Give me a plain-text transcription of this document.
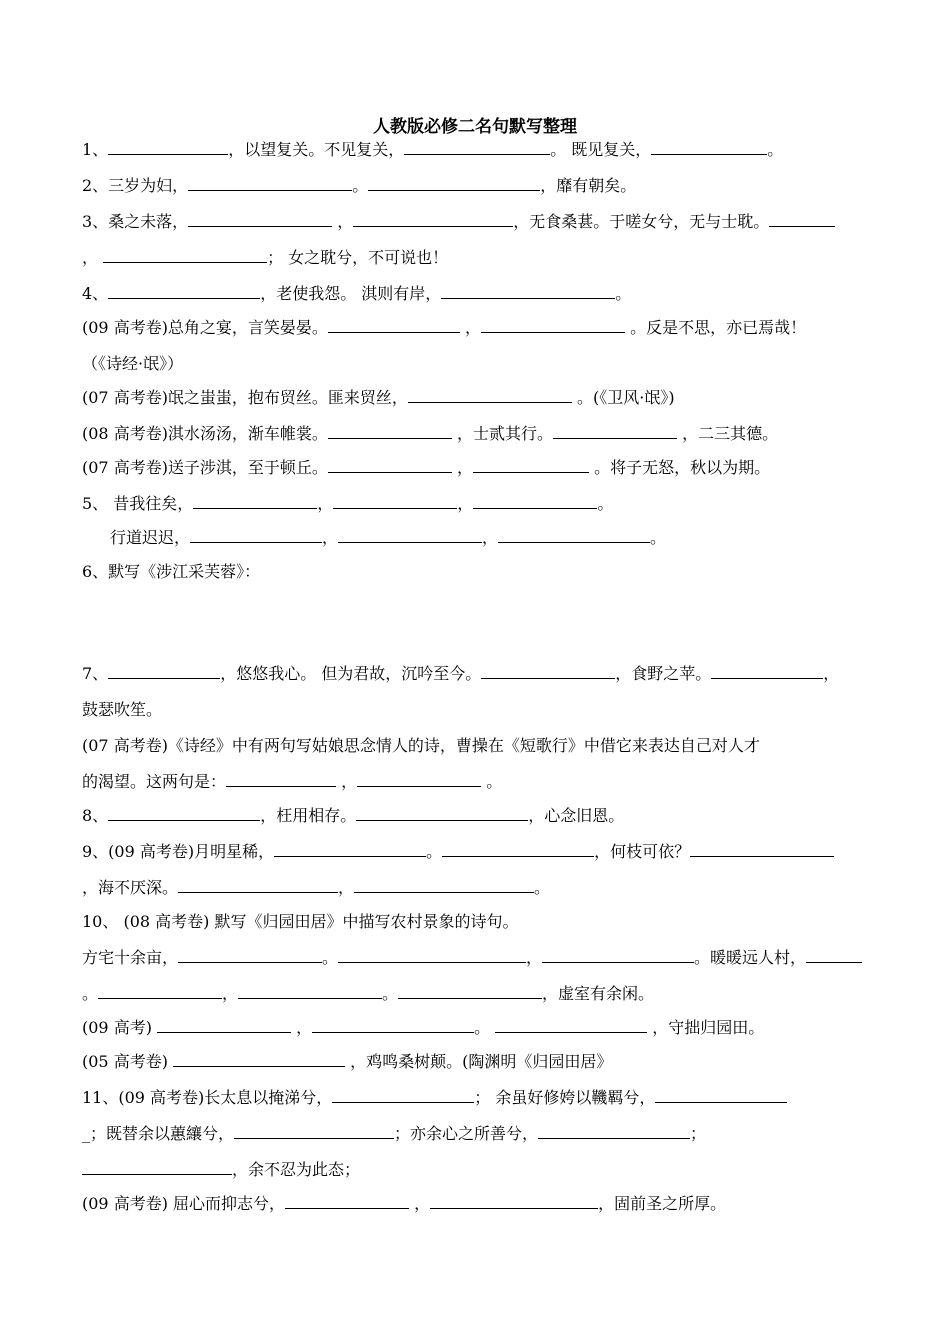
人教版必修二名句默写整理
1、	，以望复关。不见复关，	。 既见复关，	。
2、三岁为妇，	。	，靡有朝矣。
3、桑之未落，	，	，无食桑葚。于嗟女兮，无与士耽。
，	； 女之耽兮，不可说也！
4、	，老使我怨。 淇则有岸，	。
(09 高考卷)总角之宴，言笑晏晏。	，	。反是不思，亦已焉哉！
（《诗经·氓》）
(07 高考卷)氓之蚩蚩，抱布贸丝。匪来贸丝，	。(《卫风·氓》)
(08 高考卷)淇水汤汤，渐车帷裳。	，士贰其行。	，二三其德。
(07 高考卷)送子涉淇，至于顿丘。	，	。将子无怒，秋以为期。
5、 昔我往矣，	，	，	。
行道迟迟，	，	，	。
6、默写《涉江采芙蓉》：
7、	，悠悠我心。 但为君故，沉吟至今。	，食野之苹。	，
鼓瑟吹笙。
(07 高考卷)《诗经》中有两句写姑娘思念情人的诗，曹操在《短歌行》中借它来表达自己对人才
的渴望。这两句是：	，	。
8、	，枉用相存。	，心念旧恩。
9、(09 高考卷)月明星稀，	。	，何枝可依？
，海不厌深。	，	。
10、 (08 高考卷) 默写《归园田居》中描写农村景象的诗句。
方宅十余亩，	。	，	。暖暖远人村，
。	，	。	，虚室有余闲。
(09 高考)	，	。	，守拙归园田。
(05 高考卷)	，鸡鸣桑树颠。(陶渊明《归园田居》
11、(09 高考卷)长太息以掩涕兮，	； 余虽好修姱以鞿羁兮，
_；既替余以蕙纕兮，	；亦余心之所善兮，	；
，余不忍为此态；
(09 高考卷) 屈心而抑志兮，	，	，固前圣之所厚。
